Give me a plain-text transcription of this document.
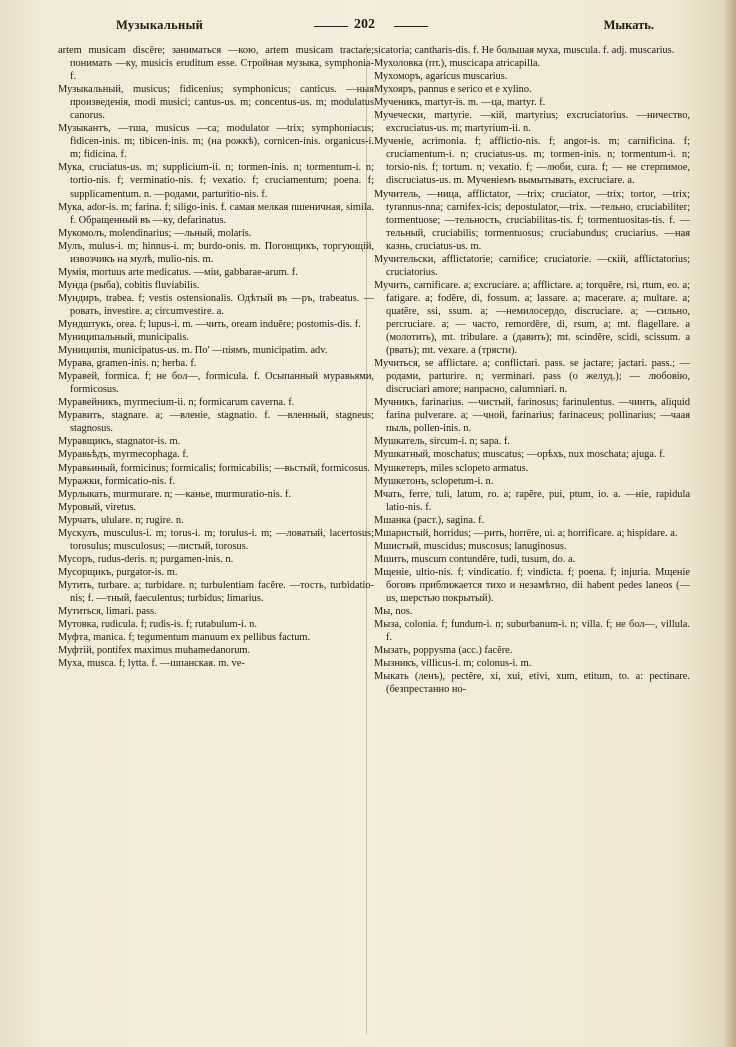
Музыкальный	202	Мыкать.

artem musicam discĕre; заниматься —кою, artem musicam tractare; понимать —ку, musicis eruditum esse. Стройная музыка, symphonia- f.

Музыкальный, musicus; fidicenius; symphonicus; canticus. —ныя произведенія, modi musici; cantus-us. m; concentus-us. m; modulatus canorus.

Музыкантъ, —тша, musicus —ca; modulator —trix; symphoniacus; fidicen-inis. m; tibicen-inis. m; (на рожкѣ), cornicen-inis. organicus-i. m; fidicina. f.

Мука, cruciatus-us. m; supplicium-ii. n; tormen-inis. n; tormentum-i. n; tortio-nis. f; verminatio-nis. f; vexatio. f; cruciamentum; poena. f; supplicamentum. n. —родами, parturitio-nis. f.

Мука, ador-is. m; farina. f; siligo-inis. f. самая мелкая пшеничная, simila. f. Обращенный въ —ку, defarinatus.

Мукомолъ, molendinarius; —льный, molaris.

Мулъ, mulus-i. m; hinnus-i. m; burdo-onis. m. Погонщикъ, торгующій, извозчикъ на мулѣ, mulio-nis. m.

Мумія, mortuus arte medicatus. —міи, gabbarae-arum. f.

Мунда (рыба), cobitis fluviabilis.

Мундиръ, trabea. f; vestis ostensionalis. Одѣтый въ —ръ, trabeatus. —ровать, investire. a; circumvestire. a.

Мундштукъ, orea. f; lupus-i. m. —чить, oream induĕre; postomis-dis. f.

Муниципальный, municipalis.

Муниципія, municipatus-us. m. По' —піямъ, municipatim. adv.

Мурава, gramen-inis. n; herba. f.

Муравей, formica. f; не бол—, formicula. f. Осыпанный муравьями, formicosus.

Муравейникъ, myrmecium-ii. n; formicarum caverna. f.

Муравить, stagnare. a; —вленіе, stagnatio. f. —вленный, stagneus; stagnosus.

Муравщикъ, stagnator-is. m.

Муравьѣдъ, myrmecophaga. f.

Муравьиный, formicinus; formicalis; formicabilis; —вьстый, formicosus.

Муражки, formicatio-nis. f.

Мурлыкать, murmurare. n; —канье, murmuratio-nis. f.

Муровый, viretus.

Мурчать, ululare. n; rugire. n.

Мускулъ, musculus-i. m; torus-i. m; torulus-i. m; —ловатый, lacertosus; torosulus; musculosus; —листый, torosus.

Мусоръ, rudus-deris. n; purgamen-inis. n.

Мусорщикъ, purgator-is. m.

Мутить, turbare. a; turbidare. n; turbulentiam facĕre. —тость, turbidatio-nis; f. —тный, faeculentus; turbidus; limarius.

Мутиться, limari. pass.

Мутовка, rudicula. f; rudis-is. f; rutabulum-i. n.

Муфта, manica. f; tegumentum manuum ex pellibus factum.

Муфтій, pontifex maximus muhamedanorum.

Муха, musca. f; lytta. f. —шпанская. m. ve-

sicatoria; cantharis-dis. f. Не большая муха, muscula. f. adj. muscarius.

Мухоловка (пт.), muscicapa atricapilla.

Мухоморъ, agaricus muscarius.

Мухояръ, pannus e serico et e xylino.

Мученикъ, martyr-is. m. —ца, martyr. f.

Мучечески, martyrie. —кій, martyrius; excruciatorius. —ничество, excruciatus-us. m; martyrium-ii. n.

Мученіе, acrimonia. f; afflictio-nis. f; angor-is. m; carnificina. f; cruciamentum-i. n; cruciatus-us. m; tormen-inis. n; tormentum-i. n; torsio-nis. f; tortum. n; vexatio. f; —люби, cura. f; — не стерпимое, discruciatus-us. m. Мученіемъ вымытывать, excruciare. a.

Мучитель, —ница, afflictator, —trix; cruciator, —trix; tortor, —trix; tyrannus-nna; carnifex-icis; depostulator,—trix. —тельно, cruciabiliter; tormentuose; —тельность, cruciabilitas-tis. f; tormentuositas-tis. f. —тельный, cruciabilis; tormentuosus; cruciabundus; cruciarius. —ная казнь, cruciatus-us. m.

Мучительски, afflictatorie; carnifice; cruciatorie. —скій, afflictatorius; cruciatorius.

Мучить, carnificare. a; excruciare. a; afflictare. a; torquēre, rsi, rtum, eo. a; fatigare. a; fodĕre, di, fossum. a; lassare. a; macerare. a; multare. a; quatĕre, ssi, ssum. a; —немилосердо, discruciare. a; —сильно, percruciare. a; — часто, remordēre, di, rsum, a; mt. flagellare. a (молотить), mt. tribulare. a (давить); mt. scindĕre, scidi, scissum. a (рвать); mt. vexare. a (трясти).

Мучиться, se afflictare. a; conflictari. pass. se jactare; jactari. pass.; —родами, parturire. n; verminari. pass (о желуд.); — любовію, discruciari amore; напрасно, calumniari. n.

Мучникъ, farinarius. —чистый, farinosus; farinulentus. —чинть, aliquid farina pulverare. a; —чной, farinarius; farinaceus; pollinarius; —чаая пыль, pollen-inis. n.

Мушкатель, sircum-i. n; sapa. f.

Мушкатный, moschatus; muscatus; —орѣхъ, nux moschata; ajuga. f.

Мушкетеръ, miles sclopeto armatus.

Мушкетонъ, sclopetum-i. n.

Мчать, ferre, tuli, latum, ro. a; rapĕre, pui, ptum, io. a. —ніе, rapidula latio-nis. f.

Мшанка (раст.), sagina. f.

Мшаристый, horridus; —рить, horrēre, ui. a; horrificare. a; hispidare. a.

Мшистый, muscidus; muscosus; lanuginosus.

Мшить, muscum contundĕre, tudi, tusum, do. a.

Мщеніе, ultio-nis. f; vindicatio. f; vindicta. f; poena. f; injuria. Мщеніе боговъ приближается тихо и незамѣтно, dii habent pedes laneos (—us, шерстью покрытый).

Мы, nos.

Мыза, colonia. f; fundum-i. n; suburbanum-i. n; villa. f; не бол—, villula. f.

Мызать, poppysma (acc.) facĕre.

Мызникъ, villicus-i. m; colonus-i. m.

Мыкать (ленъ), pectĕre, xi, xui, etivi, xum, etitum, to. a: pectinare. (безпрестанно но-
